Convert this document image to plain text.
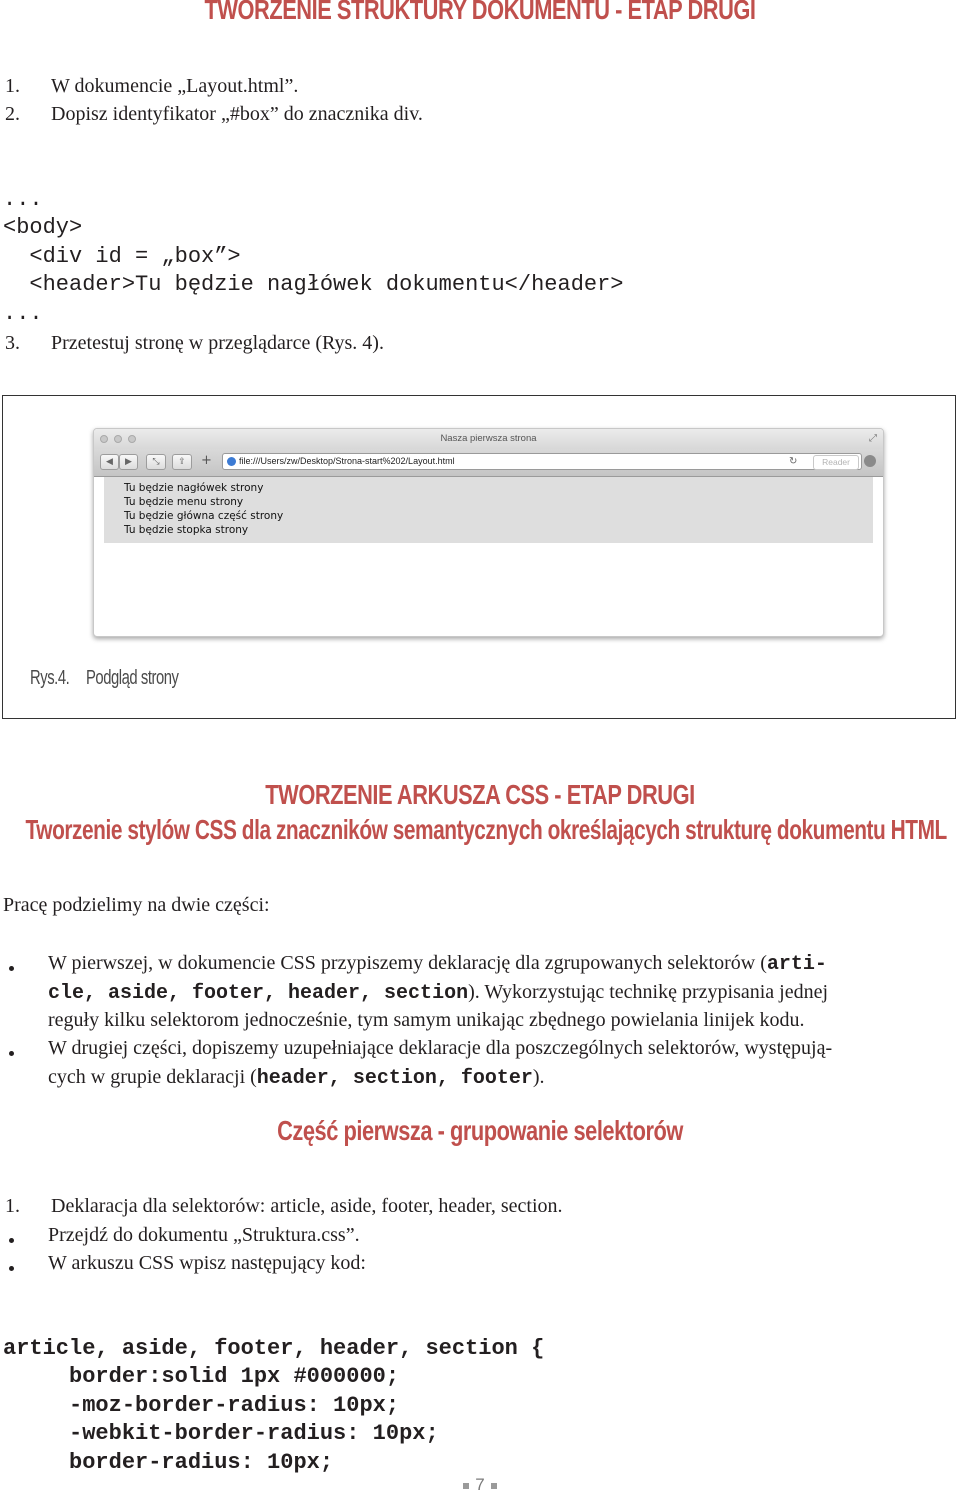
TWORZENIE STRUKTURY DOKUMENTU - ETAP DRUGI
1. W dokumencie „Layout.html”.
2. Dopisz identyfikator „#box” do znacznika div.

...
<body>
<div id = „box”>
<header>Tu będzie nagłówek dokumentu</header>
...
3. Przetestuj stronę w przeglądarce (Rys. 4).
Nasza pierwsza strona	⤢
◀	▶	⤡	⇪	+	file:///Users/zw/Desktop/Strona-start%202/Layout.html	↻	Reader
Tu będzie nagłówek strony
Tu będzie menu strony
Tu będzie główna część strony
Tu będzie stopka strony
Rys.4. Podgląd strony
TWORZENIE ARKUSZA CSS - ETAP DRUGI
Tworzenie stylów CSS dla znaczników semantycznych określających strukturę dokumentu HTML
Pracę podzielimy na dwie części:
W pierwszej, w dokumencie CSS przypiszemy deklarację dla zgrupowanych selektorów (arti-
cle, aside, footer, header, section). Wykorzystując technikę przypisania jednej
reguły kilku selektorom jednocześnie, tym samym unikając zbędnego powielania linijek kodu.
W drugiej części, dopiszemy uzupełniające deklaracje dla poszczególnych selektorów, występują-
cych w grupie deklaracji (header, section, footer).
Część pierwsza - grupowanie selektorów
1. Deklaracja dla selektorów: article, aside, footer, header, section.
Przejdź do dokumentu „Struktura.css”.
W arkuszu CSS wpisz następujący kod:

article, aside, footer, header, section {
border:solid 1px #000000;
-moz-border-radius: 10px;
-webkit-border-radius: 10px;
border-radius: 10px;
7
